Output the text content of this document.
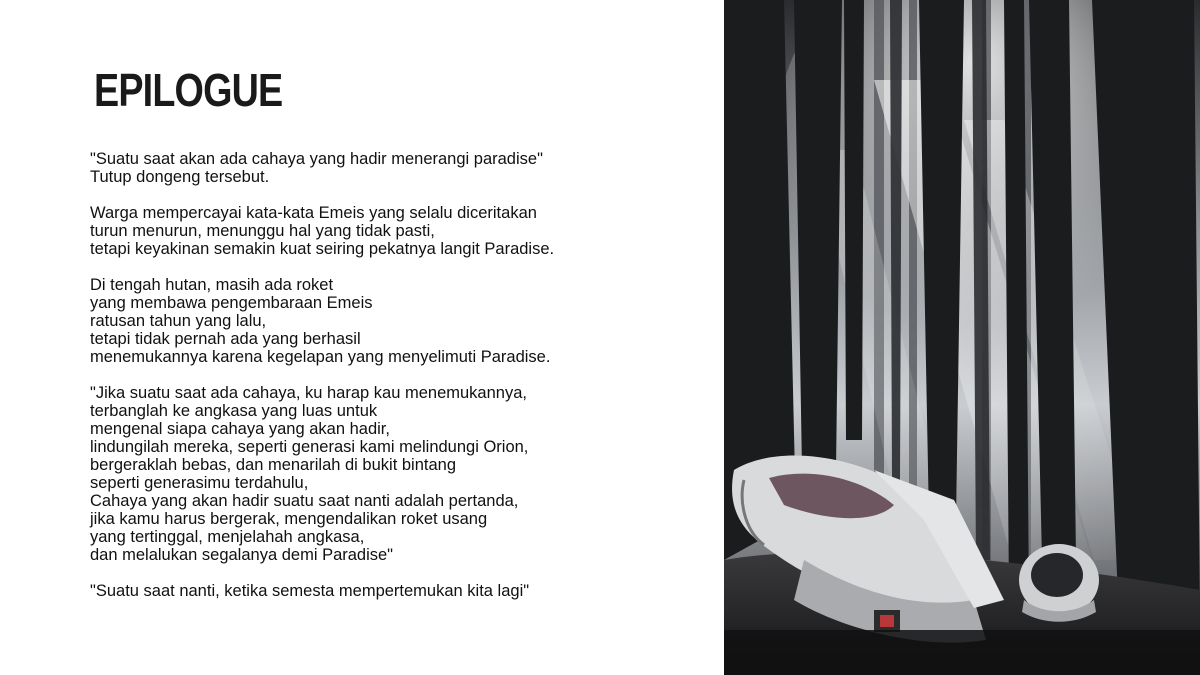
EPILOGUE

"Suatu saat akan ada cahaya yang hadir menerangi paradise"
Tutup dongeng tersebut.

Warga mempercayai kata-kata Emeis yang selalu diceritakan
turun menurun, menunggu hal yang tidak pasti,
tetapi keyakinan semakin kuat seiring pekatnya langit Paradise.

Di tengah hutan, masih ada roket
yang membawa pengembaraan Emeis
ratusan tahun yang lalu,
tetapi tidak pernah ada yang berhasil
menemukannya karena kegelapan yang menyelimuti Paradise.

"Jika suatu saat ada cahaya, ku harap kau menemukannya,
terbanglah ke angkasa yang luas untuk
mengenal siapa cahaya yang akan hadir,
lindungilah mereka, seperti generasi kami melindungi Orion,
bergeraklah bebas, dan menarilah di bukit bintang
seperti generasimu terdahulu,
Cahaya yang akan hadir suatu saat nanti adalah pertanda,
jika kamu harus bergerak, mengendalikan roket usang
yang tertinggal, menjelahah angkasa,
dan melalukan segalanya demi Paradise"

"Suatu saat nanti, ketika semesta mempertemukan kita lagi"
